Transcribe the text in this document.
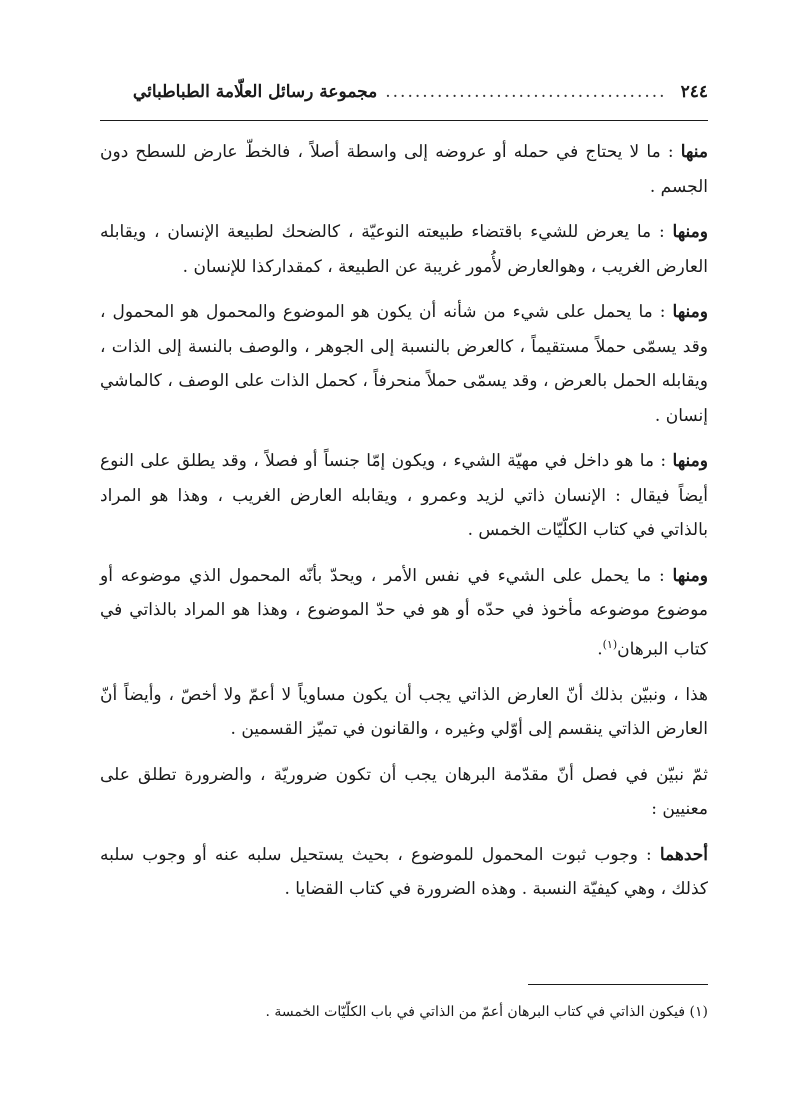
٢٤٤
......................................
مجموعة رسائل العلّامة الطباطبائي

منها : ما لا يحتاج في حمله أو عروضه إلى واسطة أصلاً ، فالخطّ عارض للسطح دون الجسم .

ومنها : ما يعرض للشيء باقتضاء طبيعته النوعيّة ، كالضحك لطبيعة الإنسان ، ويقابله العارض الغريب ، وهوالعارض لأُمور غريبة عن الطبيعة ، كمقداركذا للإنسان .

ومنها : ما يحمل على شيء من شأنه أن يكون هو الموضوع والمحمول هو المحمول ، وقد يسمّى حملاً مستقيماً ، كالعرض بالنسبة إلى الجوهر ، والوصف بالنسة إلى الذات ، ويقابله الحمل بالعرض ، وقد يسمّى حملاً منحرفاً ، كحمل الذات على الوصف ، كالماشي إنسان .

ومنها : ما هو داخل في مهيّة الشيء ، ويكون إمّا جنساً أو فصلاً ، وقد يطلق على النوع أيضاً فيقال : الإنسان ذاتي لزيد وعمرو ، ويقابله العارض الغريب ، وهذا هو المراد بالذاتي في كتاب الكلّيّات الخمس .

ومنها : ما يحمل على الشيء في نفس الأمر ، ويحدّ بأنّه المحمول الذي موضوعه أو موضوع موضوعه مأخوذ في حدّه أو هو في حدّ الموضوع ، وهذا هو المراد بالذاتي في كتاب البرهان$^{(١)}$.

هذا ، ونبيّن بذلك أنّ العارض الذاتي يجب أن يكون مساوياً لا أعمّ ولا أخصّ ، وأيضاً أنّ العارض الذاتي ينقسم إلى أوّلي وغيره ، والقانون في تميّز القسمين .

ثمّ نبيّن في فصل أنّ مقدّمة البرهان يجب أن تكون ضروريّة ، والضرورة تطلق على معنيين :

أحدهما : وجوب ثبوت المحمول للموضوع ، بحيث يستحيل سلبه عنه أو وجوب سلبه كذلك ، وهي كيفيّة النسبة . وهذه الضرورة في كتاب القضايا .

(١) فيكون الذاتي في كتاب البرهان أعمّ من الذاتي في باب الكلّيّات الخمسة .
